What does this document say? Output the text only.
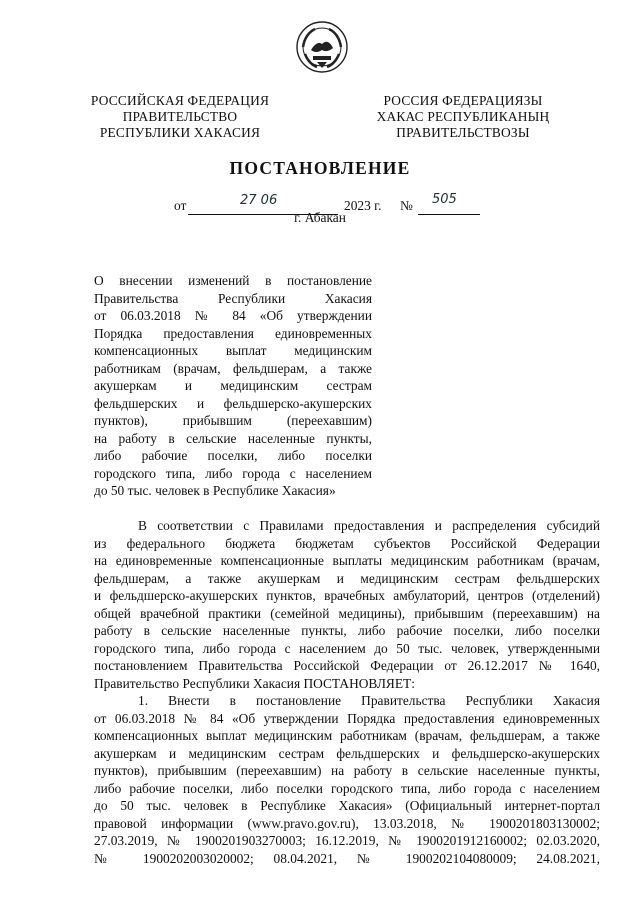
РОССИЙСКАЯ ФЕДЕРАЦИЯ
ПРАВИТЕЛЬСТВО
РЕСПУБЛИКИ ХАКАСИЯ
РОССИЯ ФЕДЕРАЦИЯЗЫ
ХАКАС РЕСПУБЛИКАНЫҢ
ПРАВИТЕЛЬСТВОЗЫ
ПОСТАНОВЛЕНИЕ
от	27 06	2023 г. № 505
г. Абакан

О внесении изменений в постановление

Правительства Республики Хакасия

от 06.03.2018 № 84 «Об утверждении

Порядка предоставления единовременных

компенсационных выплат медицинским

работникам (врачам, фельдшерам, а также

акушеркам и медицинским сестрам

фельдшерских и фельдшерско-акушерских

пунктов), прибывшим (переехавшим)

на работу в сельские населенные пункты,

либо рабочие поселки, либо поселки

городского типа, либо города с населением

до 50 тыс. человек в Республике Хакасия»

В соответствии с Правилами предоставления и распределения субсидий

из федерального бюджета бюджетам субъектов Российской Федерации

на единовременные компенсационные выплаты медицинским работникам (врачам,

фельдшерам, а также акушеркам и медицинским сестрам фельдшерских

и фельдшерско-акушерских пунктов, врачебных амбулаторий, центров (отделений)

общей врачебной практики (семейной медицины), прибывшим (переехавшим) на

работу в сельские населенные пункты, либо рабочие поселки, либо поселки

городского типа, либо города с населением до 50 тыс. человек, утвержденными

постановлением Правительства Российской Федерации от 26.12.2017 № 1640,

Правительство Республики Хакасия ПОСТАНОВЛЯЕТ:

1. Внести в постановление Правительства Республики Хакасия

от 06.03.2018 № 84 «Об утверждении Порядка предоставления единовременных

компенсационных выплат медицинским работникам (врачам, фельдшерам, а также

акушеркам и медицинским сестрам фельдшерских и фельдшерско-акушерских

пунктов), прибывшим (переехавшим) на работу в сельские населенные пункты,

либо рабочие поселки, либо поселки городского типа, либо города с населением

до 50 тыс. человек в Республике Хакасия» (Официальный интернет-портал

правовой информации (www.pravo.gov.ru), 13.03.2018, № 1900201803130002;

27.03.2019, № 1900201903270003; 16.12.2019, № 1900201912160002; 02.03.2020,

№ 1900202003020002; 08.04.2021, № 1900202104080009; 24.08.2021,
